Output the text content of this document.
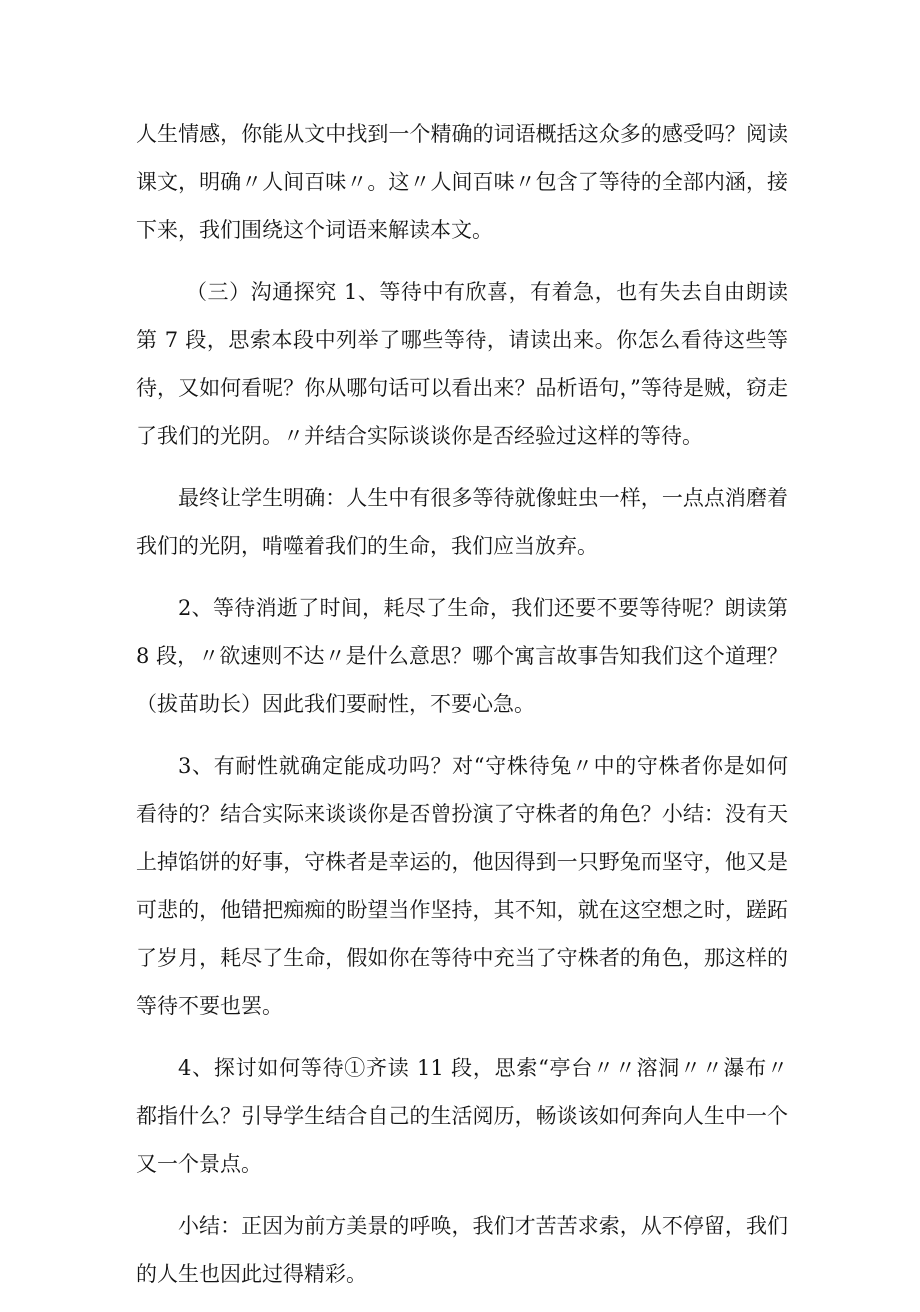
人生情感，你能从文中找到一个精确的词语概括这众多的感受吗？阅读课文，明确〃人间百味〃。这〃人间百味〃包含了等待的全部内涵，接下来，我们围绕这个词语来解读本文。

（三）沟通探究 1、等待中有欣喜，有着急，也有失去自由朗读第 7 段，思索本段中列举了哪些等待，请读出来。你怎么看待这些等待，又如何看呢？你从哪句话可以看出来？品析语句，”等待是贼，窃走了我们的光阴。〃并结合实际谈谈你是否经验过这样的等待。

最终让学生明确：人生中有很多等待就像蛀虫一样，一点点消磨着我们的光阴，啃噬着我们的生命，我们应当放弃。

2、等待消逝了时间，耗尽了生命，我们还要不要等待呢？朗读第 8 段，〃欲速则不达〃是什么意思？哪个寓言故事告知我们这个道理？（拔苗助长）因此我们要耐性，不要心急。

3、有耐性就确定能成功吗？对“守株待兔〃中的守株者你是如何看待的？结合实际来谈谈你是否曾扮演了守株者的角色？小结：没有天上掉馅饼的好事，守株者是幸运的，他因得到一只野兔而坚守，他又是可悲的，他错把痴痴的盼望当作坚持，其不知，就在这空想之时，蹉跖了岁月，耗尽了生命，假如你在等待中充当了守株者的角色，那这样的等待不要也罢。

4、探讨如何等待①齐读 11 段，思索“亭台〃〃溶洞〃〃瀑布〃都指什么？引导学生结合自己的生活阅历，畅谈该如何奔向人生中一个又一个景点。

小结：正因为前方美景的呼唤，我们才苦苦求索，从不停留，我们的人生也因此过得精彩。
